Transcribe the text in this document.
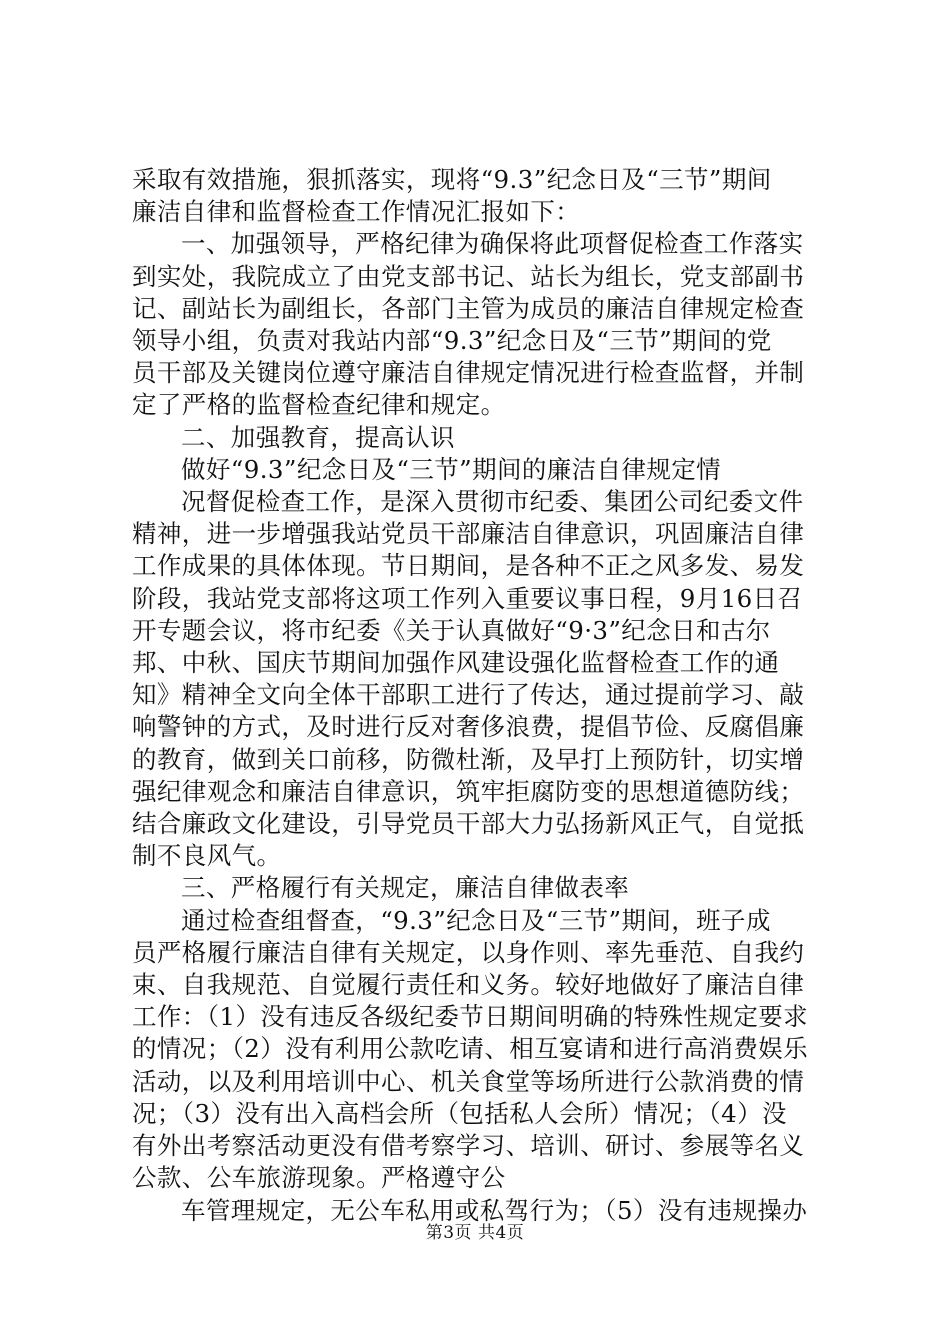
采取有效措施，狠抓落实，现将“9.3”纪念日及“三节”期间
廉洁自律和监督检查工作情况汇报如下：
一、加强领导，严格纪律为确保将此项督促检查工作落实
到实处，我院成立了由党支部书记、站长为组长，党支部副书
记、副站长为副组长，各部门主管为成员的廉洁自律规定检查
领导小组，负责对我站内部“9.3”纪念日及“三节”期间的党
员干部及关键岗位遵守廉洁自律规定情况进行检查监督，并制
定了严格的监督检查纪律和规定。
二、加强教育，提高认识
做好“9.3”纪念日及“三节”期间的廉洁自律规定情
况督促检查工作，是深入贯彻市纪委、集团公司纪委文件
精神，进一步增强我站党员干部廉洁自律意识，巩固廉洁自律
工作成果的具体体现。节日期间，是各种不正之风多发、易发
阶段，我站党支部将这项工作列入重要议事日程，9月16日召
开专题会议，将市纪委《关于认真做好“9·3”纪念日和古尔
邦、中秋、国庆节期间加强作风建设强化监督检查工作的通
知》精神全文向全体干部职工进行了传达，通过提前学习、敲
响警钟的方式，及时进行反对奢侈浪费，提倡节俭、反腐倡廉
的教育，做到关口前移，防微杜渐，及早打上预防针，切实增
强纪律观念和廉洁自律意识，筑牢拒腐防变的思想道德防线；
结合廉政文化建设，引导党员干部大力弘扬新风正气，自觉抵
制不良风气。
三、严格履行有关规定，廉洁自律做表率
通过检查组督查，“9.3”纪念日及“三节”期间，班子成
员严格履行廉洁自律有关规定，以身作则、率先垂范、自我约
束、自我规范、自觉履行责任和义务。较好地做好了廉洁自律
工作：（1）没有违反各级纪委节日期间明确的特殊性规定要求
的情况；（2）没有利用公款吃请、相互宴请和进行高消费娱乐
活动，以及利用培训中心、机关食堂等场所进行公款消费的情
况；（3）没有出入高档会所（包括私人会所）情况；（4）没
有外出考察活动更没有借考察学习、培训、研讨、参展等名义
公款、公车旅游现象。严格遵守公
车管理规定，无公车私用或私驾行为；（5）没有违规操办
第3页 共4页
